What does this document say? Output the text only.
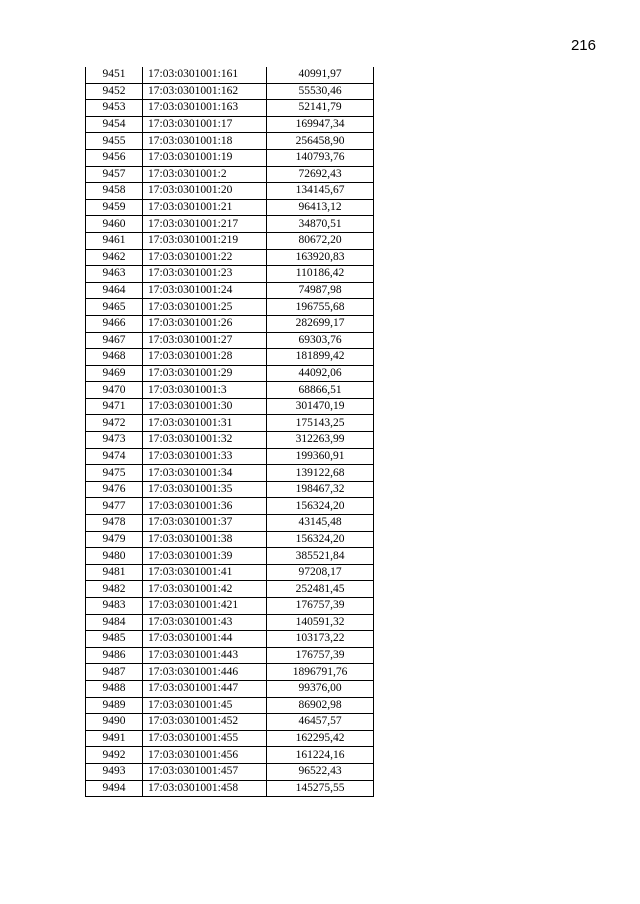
216
9451	17:03:0301001:161	40991,97
9452	17:03:0301001:162	55530,46
9453	17:03:0301001:163	52141,79
9454	17:03:0301001:17	169947,34
9455	17:03:0301001:18	256458,90
9456	17:03:0301001:19	140793,76
9457	17:03:0301001:2	72692,43
9458	17:03:0301001:20	134145,67
9459	17:03:0301001:21	96413,12
9460	17:03:0301001:217	34870,51
9461	17:03:0301001:219	80672,20
9462	17:03:0301001:22	163920,83
9463	17:03:0301001:23	110186,42
9464	17:03:0301001:24	74987,98
9465	17:03:0301001:25	196755,68
9466	17:03:0301001:26	282699,17
9467	17:03:0301001:27	69303,76
9468	17:03:0301001:28	181899,42
9469	17:03:0301001:29	44092,06
9470	17:03:0301001:3	68866,51
9471	17:03:0301001:30	301470,19
9472	17:03:0301001:31	175143,25
9473	17:03:0301001:32	312263,99
9474	17:03:0301001:33	199360,91
9475	17:03:0301001:34	139122,68
9476	17:03:0301001:35	198467,32
9477	17:03:0301001:36	156324,20
9478	17:03:0301001:37	43145,48
9479	17:03:0301001:38	156324,20
9480	17:03:0301001:39	385521,84
9481	17:03:0301001:41	97208,17
9482	17:03:0301001:42	252481,45
9483	17:03:0301001:421	176757,39
9484	17:03:0301001:43	140591,32
9485	17:03:0301001:44	103173,22
9486	17:03:0301001:443	176757,39
9487	17:03:0301001:446	1896791,76
9488	17:03:0301001:447	99376,00
9489	17:03:0301001:45	86902,98
9490	17:03:0301001:452	46457,57
9491	17:03:0301001:455	162295,42
9492	17:03:0301001:456	161224,16
9493	17:03:0301001:457	96522,43
9494	17:03:0301001:458	145275,55
